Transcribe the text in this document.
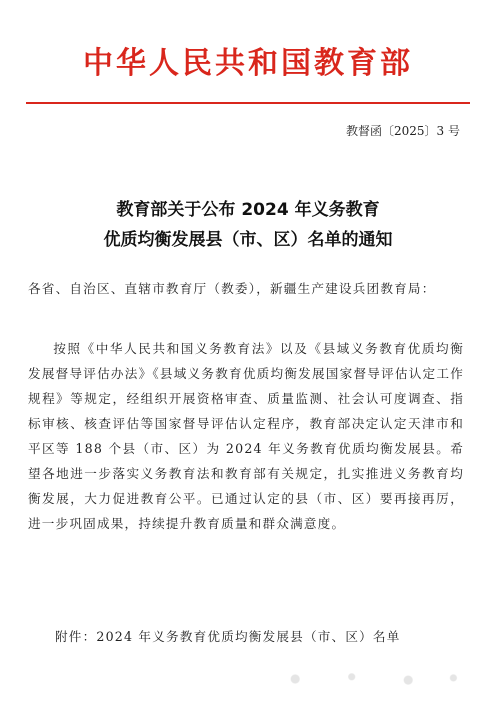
中华人民共和国教育部
教督函〔2025〕3 号
教育部关于公布 2024 年义务教育
优质均衡发展县（市、区）名单的通知
各省、自治区、直辖市教育厅（教委），新疆生产建设兵团教育局：
按照《中华人民共和国义务教育法》以及《县域义务教育优质均衡发展督导评估办法》《县域义务教育优质均衡发展国家督导评估认定工作规程》等规定，经组织开展资格审查、质量监测、社会认可度调查、指标审核、核查评估等国家督导评估认定程序，教育部决定认定天津市和平区等 188 个县（市、区）为 2024 年义务教育优质均衡发展县。希望各地进一步落实义务教育法和教育部有关规定，扎实推进义务教育均衡发展，大力促进教育公平。已通过认定的县（市、区）要再接再厉，进一步巩固成果，持续提升教育质量和群众满意度。
附件：2024 年义务教育优质均衡发展县（市、区）名单
